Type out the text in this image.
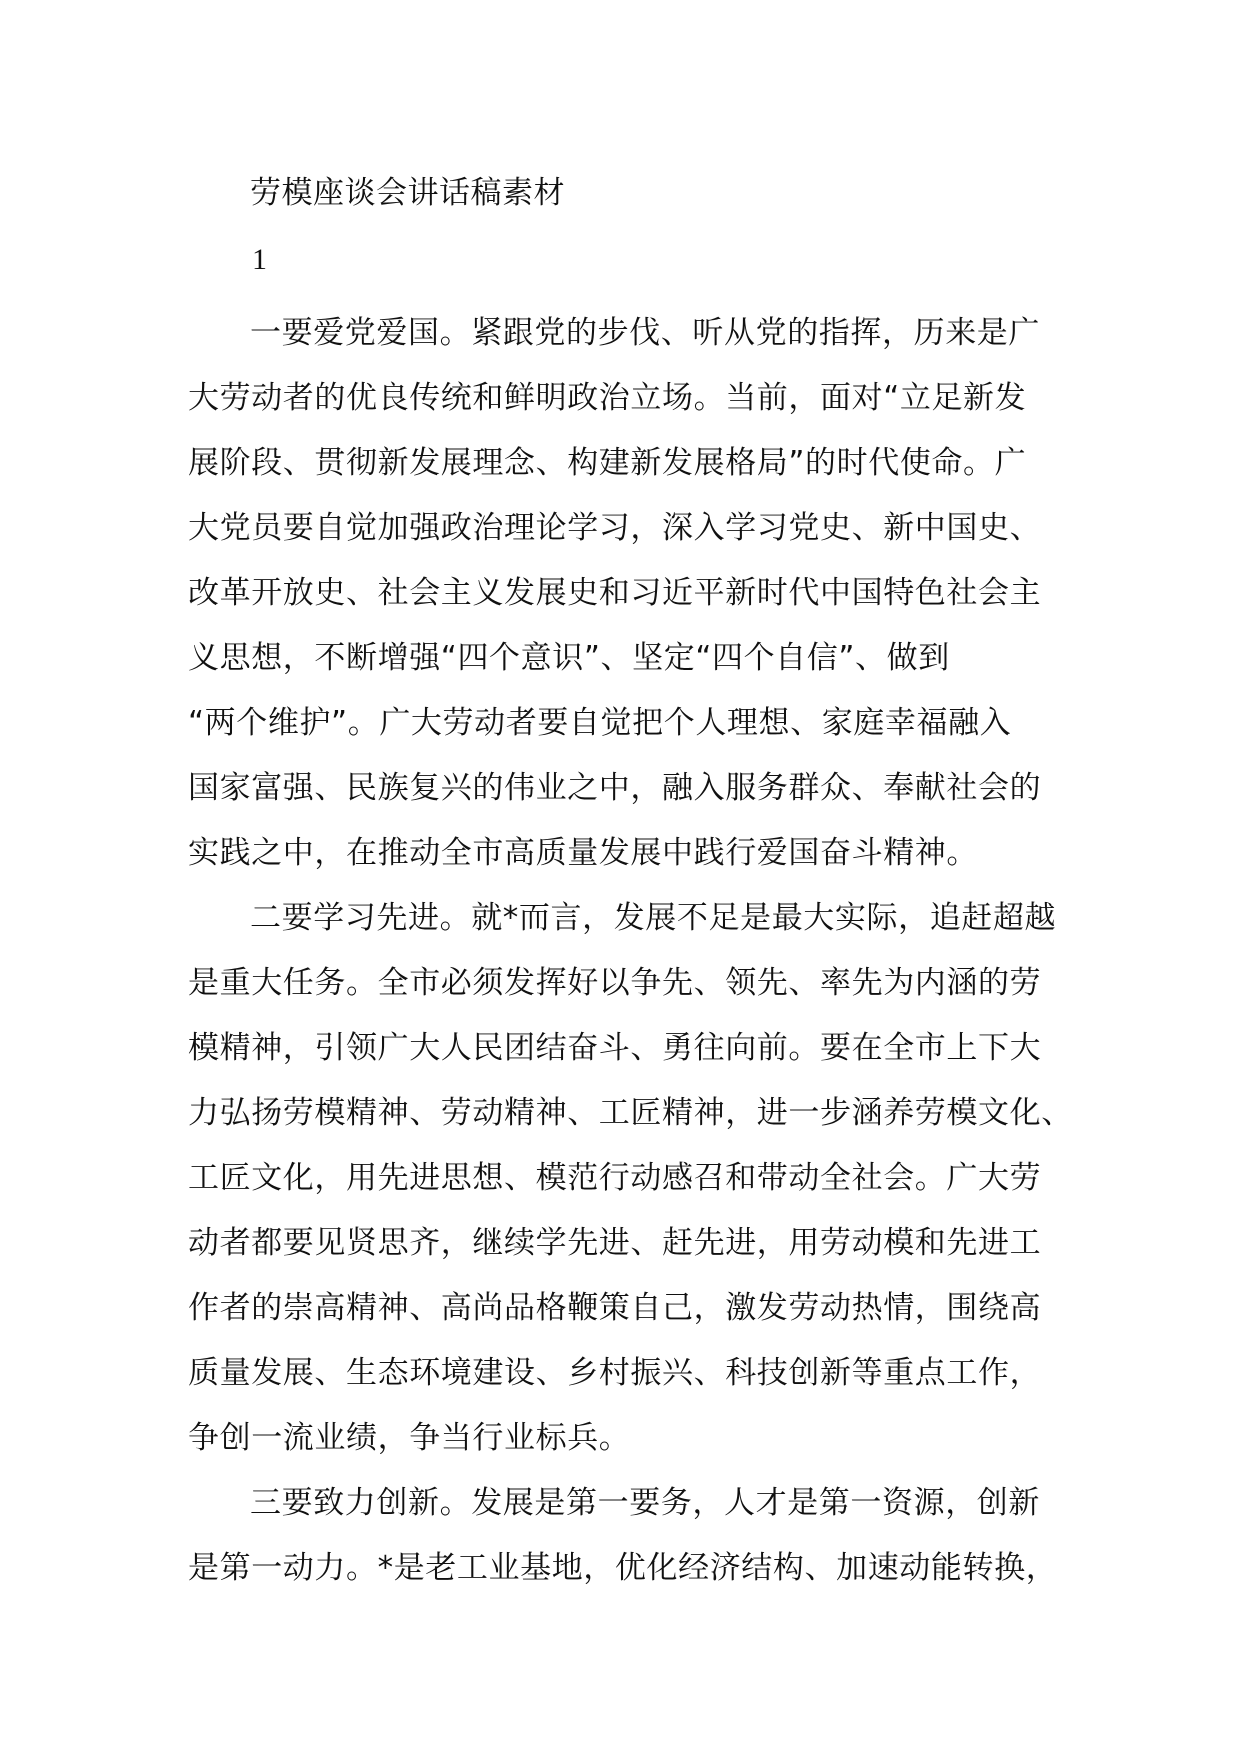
劳模座谈会讲话稿素材
1

一要爱党爱国。紧跟党的步伐、听从党的指挥，历来是广

大劳动者的优良传统和鲜明政治立场。当前，面对“立足新发

展阶段、贯彻新发展理念、构建新发展格局”的时代使命。广

大党员要自觉加强政治理论学习，深入学习党史、新中国史、

改革开放史、社会主义发展史和习近平新时代中国特色社会主

义思想，不断增强“四个意识”、坚定“四个自信”、做到

“两个维护”。广大劳动者要自觉把个人理想、家庭幸福融入

国家富强、民族复兴的伟业之中，融入服务群众、奉献社会的

实践之中，在推动全市高质量发展中践行爱国奋斗精神。

二要学习先进。就*而言，发展不足是最大实际，追赶超越

是重大任务。全市必须发挥好以争先、领先、率先为内涵的劳

模精神，引领广大人民团结奋斗、勇往向前。要在全市上下大

力弘扬劳模精神、劳动精神、工匠精神，进一步涵养劳模文化、

工匠文化，用先进思想、模范行动感召和带动全社会。广大劳

动者都要见贤思齐，继续学先进、赶先进，用劳动模和先进工

作者的崇高精神、高尚品格鞭策自己，激发劳动热情，围绕高

质量发展、生态环境建设、乡村振兴、科技创新等重点工作，

争创一流业绩，争当行业标兵。

三要致力创新。发展是第一要务，人才是第一资源，创新

是第一动力。*是老工业基地，优化经济结构、加速动能转换，
